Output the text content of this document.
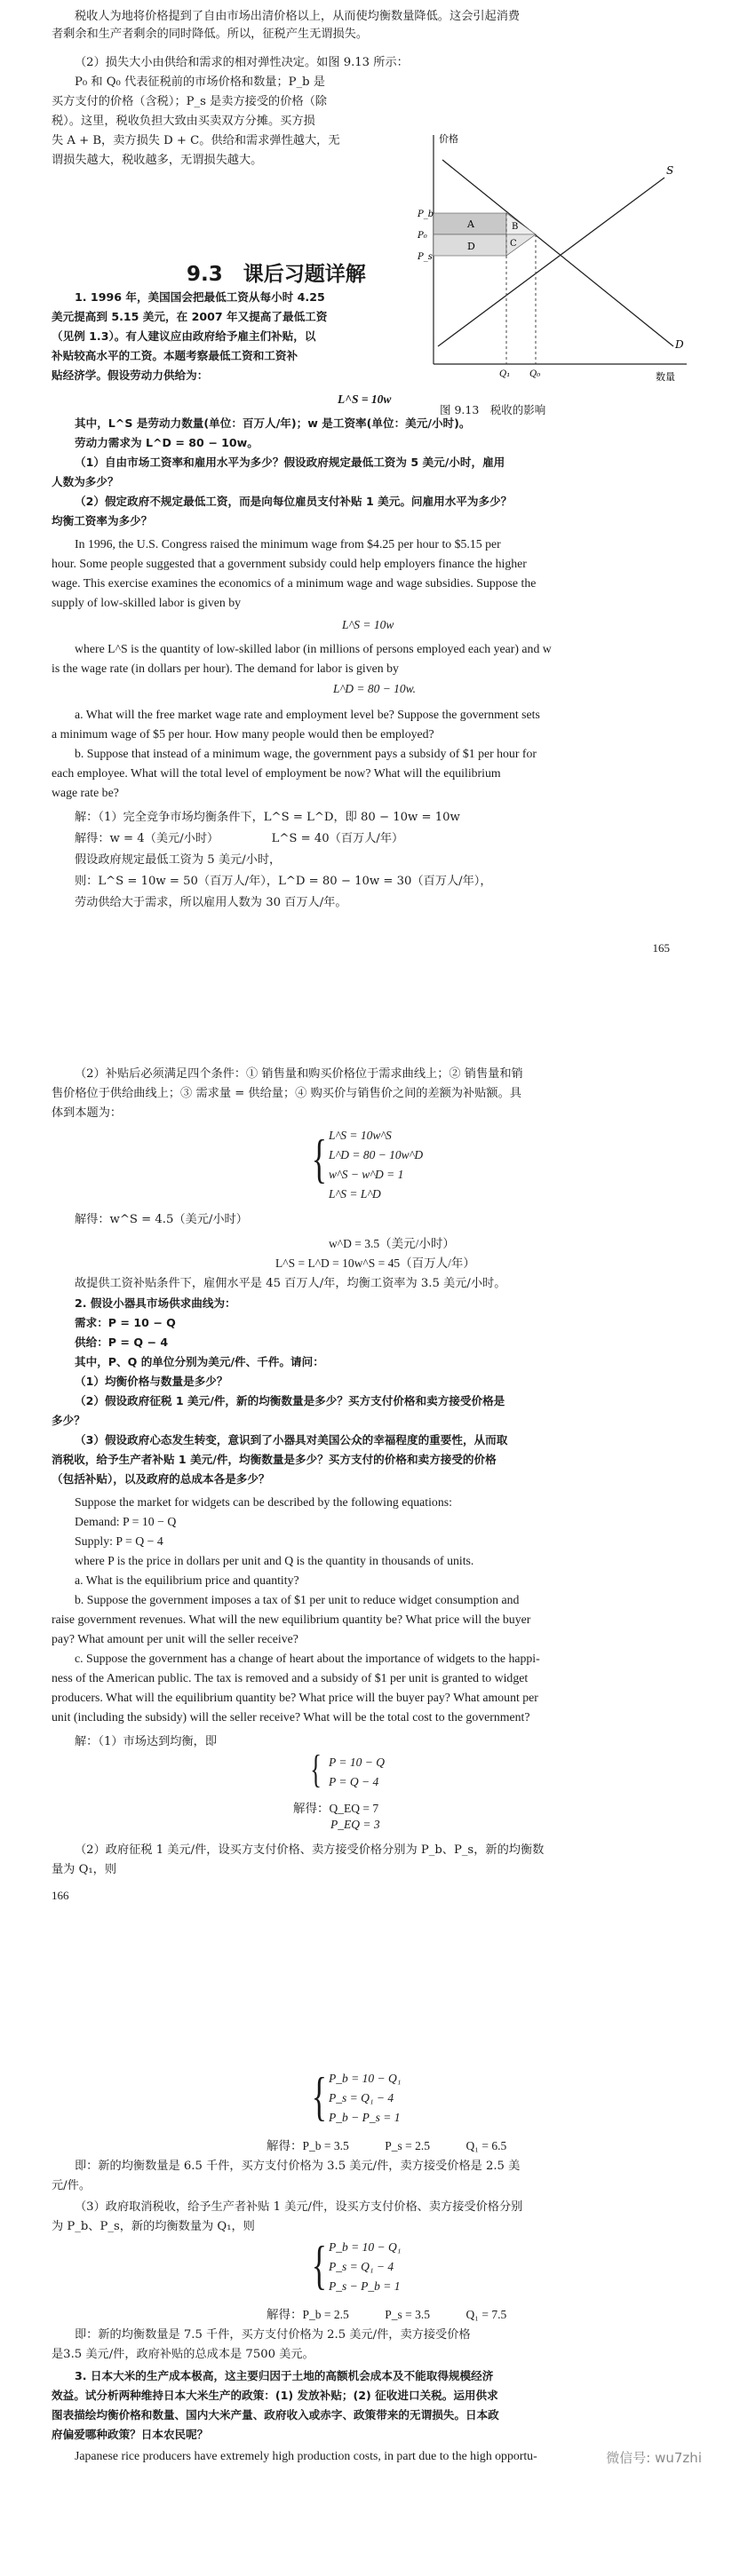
税收人为地将价格提到了自由市场出清价格以上，从而使均衡数量降低。这会引起消费
者剩余和生产者剩余的同时降低。所以，征税产生无谓损失。
（2）损失大小由供给和需求的相对弹性决定。如图 9.13 所示：
P₀ 和 Q₀ 代表征税前的市场价格和数量；P_b 是
买方支付的价格（含税）；P_s 是卖方接受的价格（除
税）。这里，税收负担大致由买卖双方分摊。买方损
失 A + B，卖方损失 D + C。供给和需求弹性越大，无
谓损失越大，税收越多，无谓损失越大。
价格
数量
S
D
A	B
C
D
P_b
P₀
P_s
Q₁ Q₀
图 9.13　税收的影响
9.3　课后习题详解
1. 1996 年，美国国会把最低工资从每小时 4.25
美元提高到 5.15 美元，在 2007 年又提高了最低工资
（见例 1.3）。有人建议应由政府给予雇主们补贴，以
补贴较高水平的工资。本题考察最低工资和工资补
贴经济学。假设劳动力供给为：
L^S = 10w
其中，L^S 是劳动力数量(单位：百万人/年)；w 是工资率(单位：美元/小时)。
劳动力需求为 L^D = 80 − 10w。
（1）自由市场工资率和雇用水平为多少？假设政府规定最低工资为 5 美元/小时，雇用
人数为多少？
（2）假定政府不规定最低工资，而是向每位雇员支付补贴 1 美元。问雇用水平为多少？
均衡工资率为多少？
In 1996, the U.S. Congress raised the minimum wage from $4.25 per hour to $5.15 per
hour. Some people suggested that a government subsidy could help employers finance the higher
wage. This exercise examines the economics of a minimum wage and wage subsidies. Suppose the
supply of low-skilled labor is given by
L^S = 10w
where L^S is the quantity of low-skilled labor (in millions of persons employed each year) and w
is the wage rate (in dollars per hour). The demand for labor is given by
L^D = 80 − 10w.
a. What will the free market wage rate and employment level be? Suppose the government sets
a minimum wage of $5 per hour. How many people would then be employed?
b. Suppose that instead of a minimum wage, the government pays a subsidy of $1 per hour for
each employee. What will the total level of employment be now? What will the equilibrium
wage rate be?
解：（1）完全竞争市场均衡条件下，L^S = L^D，即 80 − 10w = 10w
解得：w = 4（美元/小时）　　　　　L^S = 40（百万人/年）
假设政府规定最低工资为 5 美元/小时，
则：L^S = 10w = 50（百万人/年），L^D = 80 − 10w = 30（百万人/年），
劳动供给大于需求，所以雇用人数为 30 百万人/年。
165
（2）补贴后必须满足四个条件：① 销售量和购买价格位于需求曲线上；② 销售量和销
售价格位于供给曲线上；③ 需求量 = 供给量；④ 购买价与销售价之间的差额为补贴额。具
体到本题为：
{ L^S = 10w^S
L^D = 80 − 10w^D
w^S − w^D = 1
L^S = L^D
解得：w^S = 4.5（美元/小时）
w^D = 3.5（美元/小时）
L^S = L^D = 10w^S = 45（百万人/年）
故提供工资补贴条件下，雇佣水平是 45 百万人/年，均衡工资率为 3.5 美元/小时。
2. 假设小器具市场供求曲线为：
需求：P = 10 − Q
供给：P = Q − 4
其中，P、Q 的单位分别为美元/件、千件。请问：
（1）均衡价格与数量是多少？
（2）假设政府征税 1 美元/件，新的均衡数量是多少？买方支付价格和卖方接受价格是
多少？
（3）假设政府心态发生转变，意识到了小器具对美国公众的幸福程度的重要性，从而取
消税收，给予生产者补贴 1 美元/件，均衡数量是多少？买方支付的价格和卖方接受的价格
（包括补贴），以及政府的总成本各是多少？
Suppose the market for widgets can be described by the following equations:
Demand: P = 10 − Q
Supply: P = Q − 4
where P is the price in dollars per unit and Q is the quantity in thousands of units.
a. What is the equilibrium price and quantity?
b. Suppose the government imposes a tax of $1 per unit to reduce widget consumption and
raise government revenues. What will the new equilibrium quantity be? What price will the buyer
pay? What amount per unit will the seller receive?
c. Suppose the government has a change of heart about the importance of widgets to the happi-
ness of the American public. The tax is removed and a subsidy of $1 per unit is granted to widget
producers. What will the equilibrium quantity be? What price will the buyer pay? What amount per
unit (including the subsidy) will the seller receive? What will be the total cost to the government?
解：（1）市场达到均衡，即
{ P = 10 − Q
P = Q − 4
解得：Q_EQ = 7
P_EQ = 3
（2）政府征税 1 美元/件，设买方支付价格、卖方接受价格分别为 P_b、P_s，新的均衡数
量为 Q₁，则
166
{ P_b = 10 − Q₁
P_s = Q₁ − 4
P_b − P_s = 1
解得：P_b = 3.5　　　P_s = 2.5　　　Q₁ = 6.5
即：新的均衡数量是 6.5 千件，买方支付价格为 3.5 美元/件，卖方接受价格是 2.5 美
元/件。
（3）政府取消税收，给予生产者补贴 1 美元/件，设买方支付价格、卖方接受价格分别
为 P_b、P_s，新的均衡数量为 Q₁，则
{ P_b = 10 − Q₁
P_s = Q₁ − 4
P_s − P_b = 1
解得：P_b = 2.5　　　P_s = 3.5　　　Q₁ = 7.5
即：新的均衡数量是 7.5 千件，买方支付价格为 2.5 美元/件，卖方接受价格
是3.5 美元/件，政府补贴的总成本是 7500 美元。
3. 日本大米的生产成本极高，这主要归因于土地的高额机会成本及不能取得规模经济
效益。试分析两种维持日本大米生产的政策：(1) 发放补贴；(2) 征收进口关税。运用供求
图表描绘均衡价格和数量、国内大米产量、政府收入或赤字、政策带来的无谓损失。日本政
府偏爱哪种政策？日本农民呢？
Japanese rice producers have extremely high production costs, in part due to the high opportu-	微信号: wu7zhi
